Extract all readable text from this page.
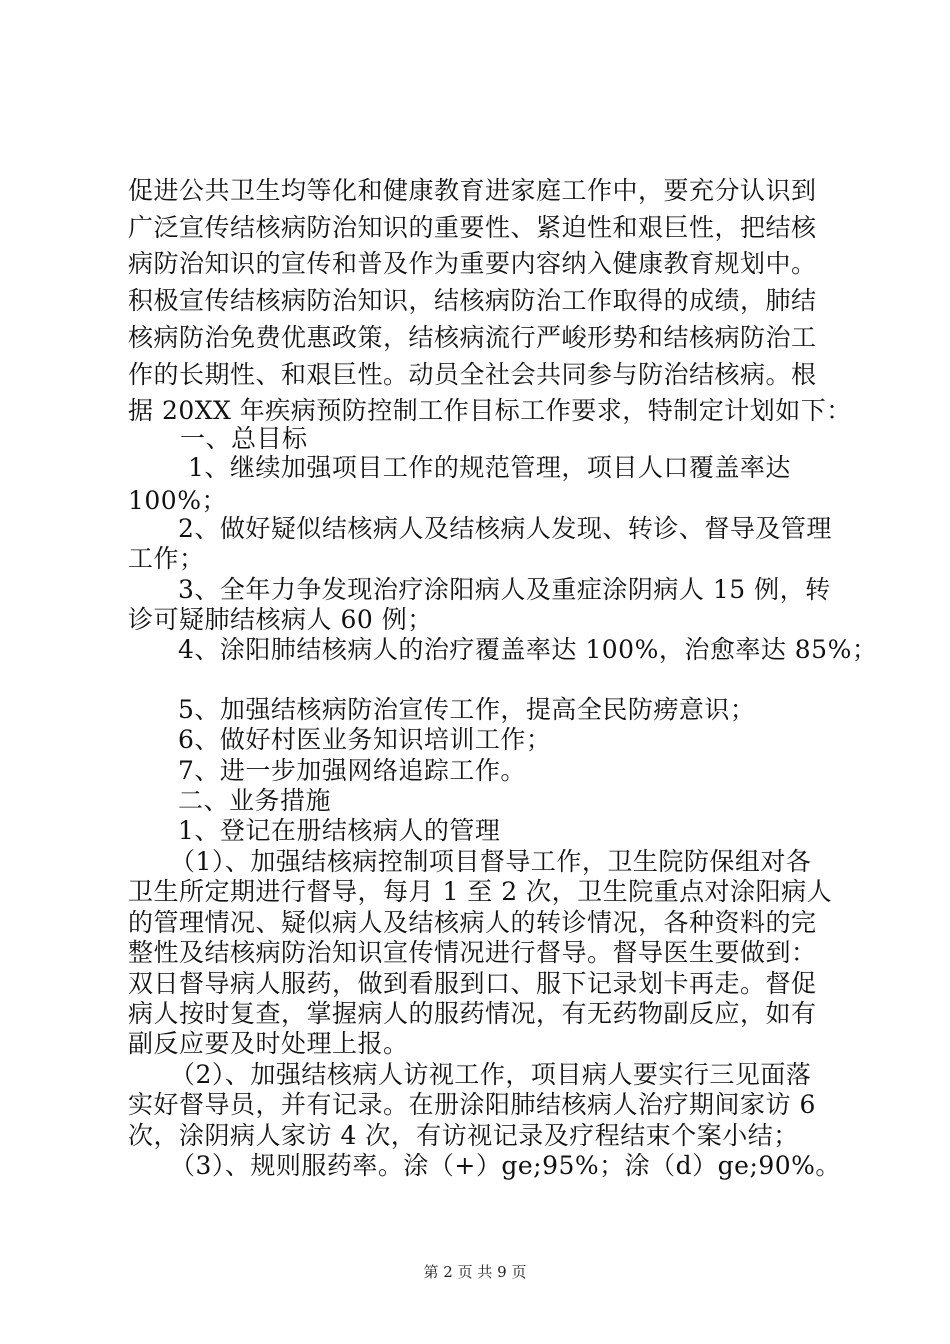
促进公共卫生均等化和健康教育进家庭工作中，要充分认识到
广泛宣传结核病防治知识的重要性、紧迫性和艰巨性，把结核
病防治知识的宣传和普及作为重要内容纳入健康教育规划中。
积极宣传结核病防治知识，结核病防治工作取得的成绩，肺结
核病防治免费优惠政策，结核病流行严峻形势和结核病防治工
作的长期性、和艰巨性。动员全社会共同参与防治结核病。根
据 20XX 年疾病预防控制工作目标工作要求，特制定计划如下：
一、总目标
1、继续加强项目工作的规范管理，项目人口覆盖率达
100%；
2、做好疑似结核病人及结核病人发现、转诊、督导及管理
工作；
3、全年力争发现治疗涂阳病人及重症涂阴病人 15 例，转
诊可疑肺结核病人 60 例；
4、涂阳肺结核病人的治疗覆盖率达 100%，治愈率达 85%；
5、加强结核病防治宣传工作，提高全民防痨意识；
6、做好村医业务知识培训工作；
7、进一步加强网络追踪工作。
二、业务措施
1、登记在册结核病人的管理
（1）、加强结核病控制项目督导工作，卫生院防保组对各
卫生所定期进行督导，每月 1 至 2 次，卫生院重点对涂阳病人
的管理情况、疑似病人及结核病人的转诊情况，各种资料的完
整性及结核病防治知识宣传情况进行督导。督导医生要做到：
双日督导病人服药，做到看服到口、服下记录划卡再走。督促
病人按时复查，掌握病人的服药情况，有无药物副反应，如有
副反应要及时处理上报。
（2）、加强结核病人访视工作，项目病人要实行三见面落
实好督导员，并有记录。在册涂阳肺结核病人治疗期间家访 6
次，涂阴病人家访 4 次，有访视记录及疗程结束个案小结；
（3）、规则服药率。涂（+）ge;95%；涂（d）ge;90%。
第 2 页 共 9 页
